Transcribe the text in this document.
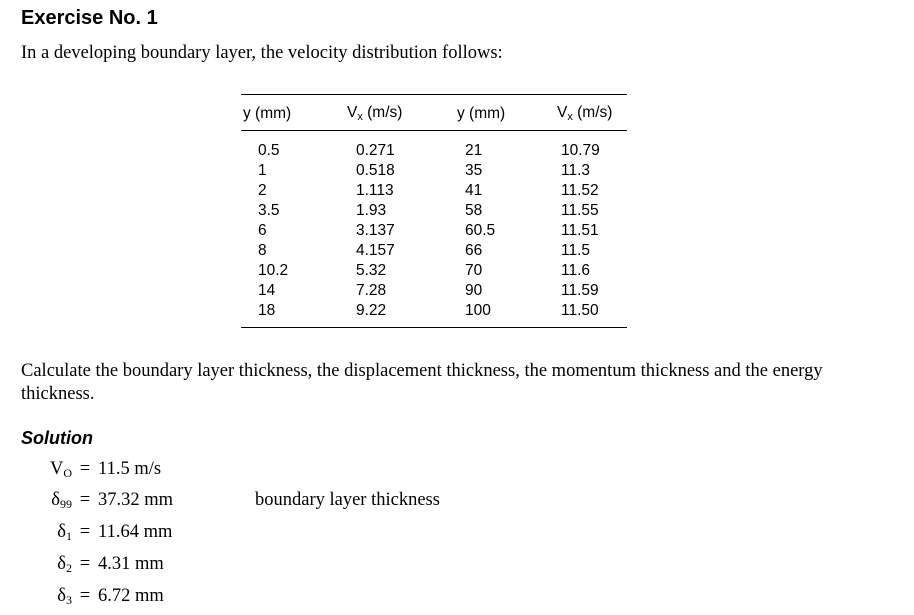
Exercise No. 1
In a developing boundary layer, the velocity distribution follows:
y (mm)	Vx (m/s)	y (mm)	Vx (m/s)
0.5	0.271	21	10.79
1	0.518	35	11.3
2	1.113	41	11.52
3.5	1.93	58	11.55
6	3.137	60.5	11.51
8	4.157	66	11.5
10.2	5.32	70	11.6
14	7.28	90	11.59
18	9.22	100	11.50
Calculate the boundary layer thickness, the displacement thickness, the momentum thickness and the energy thickness.
Solution
$V_O = 11.5$ m/s
$\delta_{99} = 37.32$ mm	boundary layer thickness
$\delta_1 = 11.64$ mm
$\delta_2 = 4.31$ mm
$\delta_3 = 6.72$ mm
